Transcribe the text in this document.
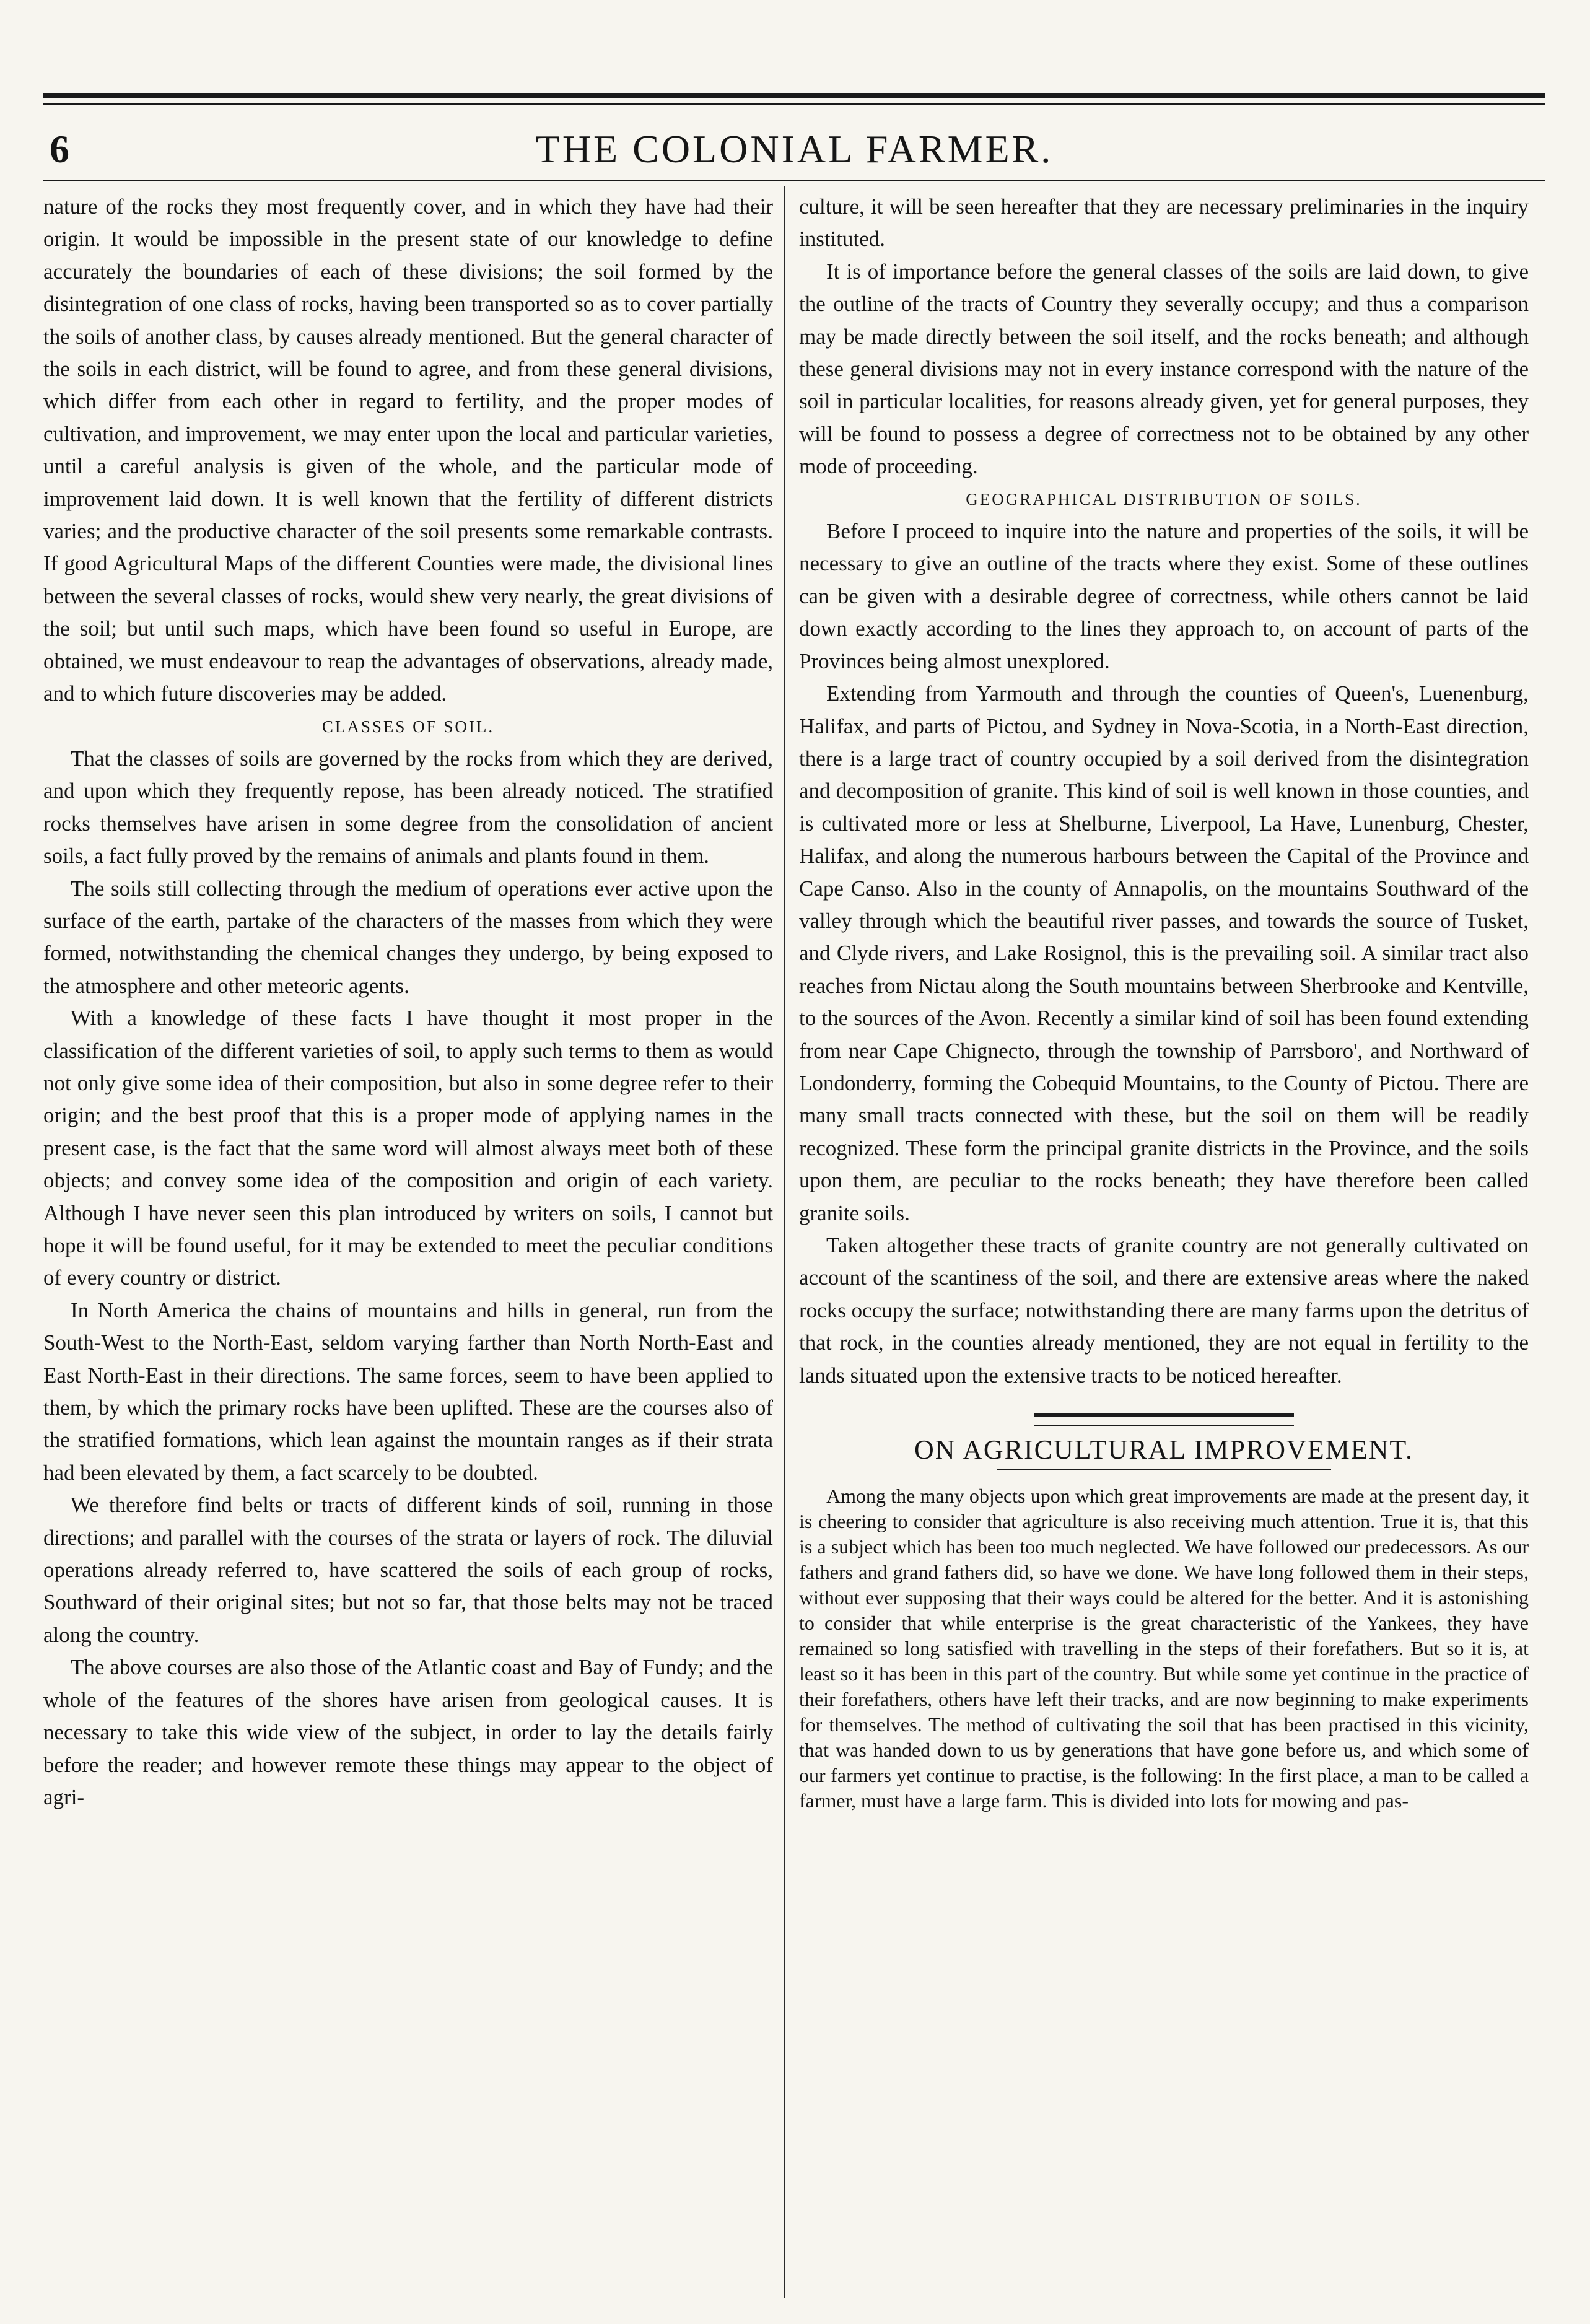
6	THE COLONIAL FARMER.

nature of the rocks they most frequently cover, and in which they have had their origin. It would be impossible in the present state of our knowledge to define accurately the boundaries of each of these divisions; the soil formed by the disintegration of one class of rocks, having been transported so as to cover partially the soils of another class, by causes already mentioned. But the general character of the soils in each district, will be found to agree, and from these general divisions, which differ from each other in regard to fertility, and the proper modes of cultivation, and improvement, we may enter upon the local and particular varieties, until a careful analysis is given of the whole, and the particular mode of improvement laid down. It is well known that the fertility of different districts varies; and the productive character of the soil presents some remarkable contrasts. If good Agricultural Maps of the different Counties were made, the divisional lines between the several classes of rocks, would shew very nearly, the great divisions of the soil; but until such maps, which have been found so useful in Europe, are obtained, we must endeavour to reap the advantages of observations, already made, and to which future discoveries may be added.

CLASSES OF SOIL.

That the classes of soils are governed by the rocks from which they are derived, and upon which they frequently repose, has been already noticed. The stratified rocks themselves have arisen in some degree from the consolidation of ancient soils, a fact fully proved by the remains of animals and plants found in them.

The soils still collecting through the medium of operations ever active upon the surface of the earth, partake of the characters of the masses from which they were formed, notwithstanding the chemical changes they undergo, by being exposed to the atmosphere and other meteoric agents.

With a knowledge of these facts I have thought it most proper in the classification of the different varieties of soil, to apply such terms to them as would not only give some idea of their composition, but also in some degree refer to their origin; and the best proof that this is a proper mode of applying names in the present case, is the fact that the same word will almost always meet both of these objects; and convey some idea of the composition and origin of each variety. Although I have never seen this plan introduced by writers on soils, I cannot but hope it will be found useful, for it may be extended to meet the peculiar conditions of every country or district.

In North America the chains of mountains and hills in general, run from the South-West to the North-East, seldom varying farther than North North-East and East North-East in their directions. The same forces, seem to have been applied to them, by which the primary rocks have been uplifted. These are the courses also of the stratified formations, which lean against the mountain ranges as if their strata had been elevated by them, a fact scarcely to be doubted.

We therefore find belts or tracts of different kinds of soil, running in those directions; and parallel with the courses of the strata or layers of rock. The diluvial operations already referred to, have scattered the soils of each group of rocks, Southward of their original sites; but not so far, that those belts may not be traced along the country.

The above courses are also those of the Atlantic coast and Bay of Fundy; and the whole of the features of the shores have arisen from geological causes. It is necessary to take this wide view of the subject, in order to lay the details fairly before the reader; and however remote these things may appear to the object of agri-

culture, it will be seen hereafter that they are necessary preliminaries in the inquiry instituted.

It is of importance before the general classes of the soils are laid down, to give the outline of the tracts of Country they severally occupy; and thus a comparison may be made directly between the soil itself, and the rocks beneath; and although these general divisions may not in every instance correspond with the nature of the soil in particular localities, for reasons already given, yet for general purposes, they will be found to possess a degree of correctness not to be obtained by any other mode of proceeding.

GEOGRAPHICAL DISTRIBUTION OF SOILS.

Before I proceed to inquire into the nature and properties of the soils, it will be necessary to give an outline of the tracts where they exist. Some of these outlines can be given with a desirable degree of correctness, while others cannot be laid down exactly according to the lines they approach to, on account of parts of the Provinces being almost unexplored.

Extending from Yarmouth and through the counties of Queen's, Luenenburg, Halifax, and parts of Pictou, and Sydney in Nova-Scotia, in a North-East direction, there is a large tract of country occupied by a soil derived from the disintegration and decomposition of granite. This kind of soil is well known in those counties, and is cultivated more or less at Shelburne, Liverpool, La Have, Lunenburg, Chester, Halifax, and along the numerous harbours between the Capital of the Province and Cape Canso. Also in the county of Annapolis, on the mountains Southward of the valley through which the beautiful river passes, and towards the source of Tusket, and Clyde rivers, and Lake Rosignol, this is the prevailing soil. A similar tract also reaches from Nictau along the South mountains between Sherbrooke and Kentville, to the sources of the Avon. Recently a similar kind of soil has been found extending from near Cape Chignecto, through the township of Parrsboro', and Northward of Londonderry, forming the Cobequid Mountains, to the County of Pictou. There are many small tracts connected with these, but the soil on them will be readily recognized. These form the principal granite districts in the Province, and the soils upon them, are peculiar to the rocks beneath; they have therefore been called granite soils.

Taken altogether these tracts of granite country are not generally cultivated on account of the scantiness of the soil, and there are extensive areas where the naked rocks occupy the surface; notwithstanding there are many farms upon the detritus of that rock, in the counties already mentioned, they are not equal in fertility to the lands situated upon the extensive tracts to be noticed hereafter.

ON AGRICULTURAL IMPROVEMENT.

Among the many objects upon which great improvements are made at the present day, it is cheering to consider that agriculture is also receiving much attention. True it is, that this is a subject which has been too much neglected. We have followed our predecessors. As our fathers and grand fathers did, so have we done. We have long followed them in their steps, without ever supposing that their ways could be altered for the better. And it is astonishing to consider that while enterprise is the great characteristic of the Yankees, they have remained so long satisfied with travelling in the steps of their forefathers. But so it is, at least so it has been in this part of the country. But while some yet continue in the practice of their forefathers, others have left their tracks, and are now beginning to make experiments for themselves. The method of cultivating the soil that has been practised in this vicinity, that was handed down to us by generations that have gone before us, and which some of our farmers yet continue to practise, is the following: In the first place, a man to be called a farmer, must have a large farm. This is divided into lots for mowing and pas-
